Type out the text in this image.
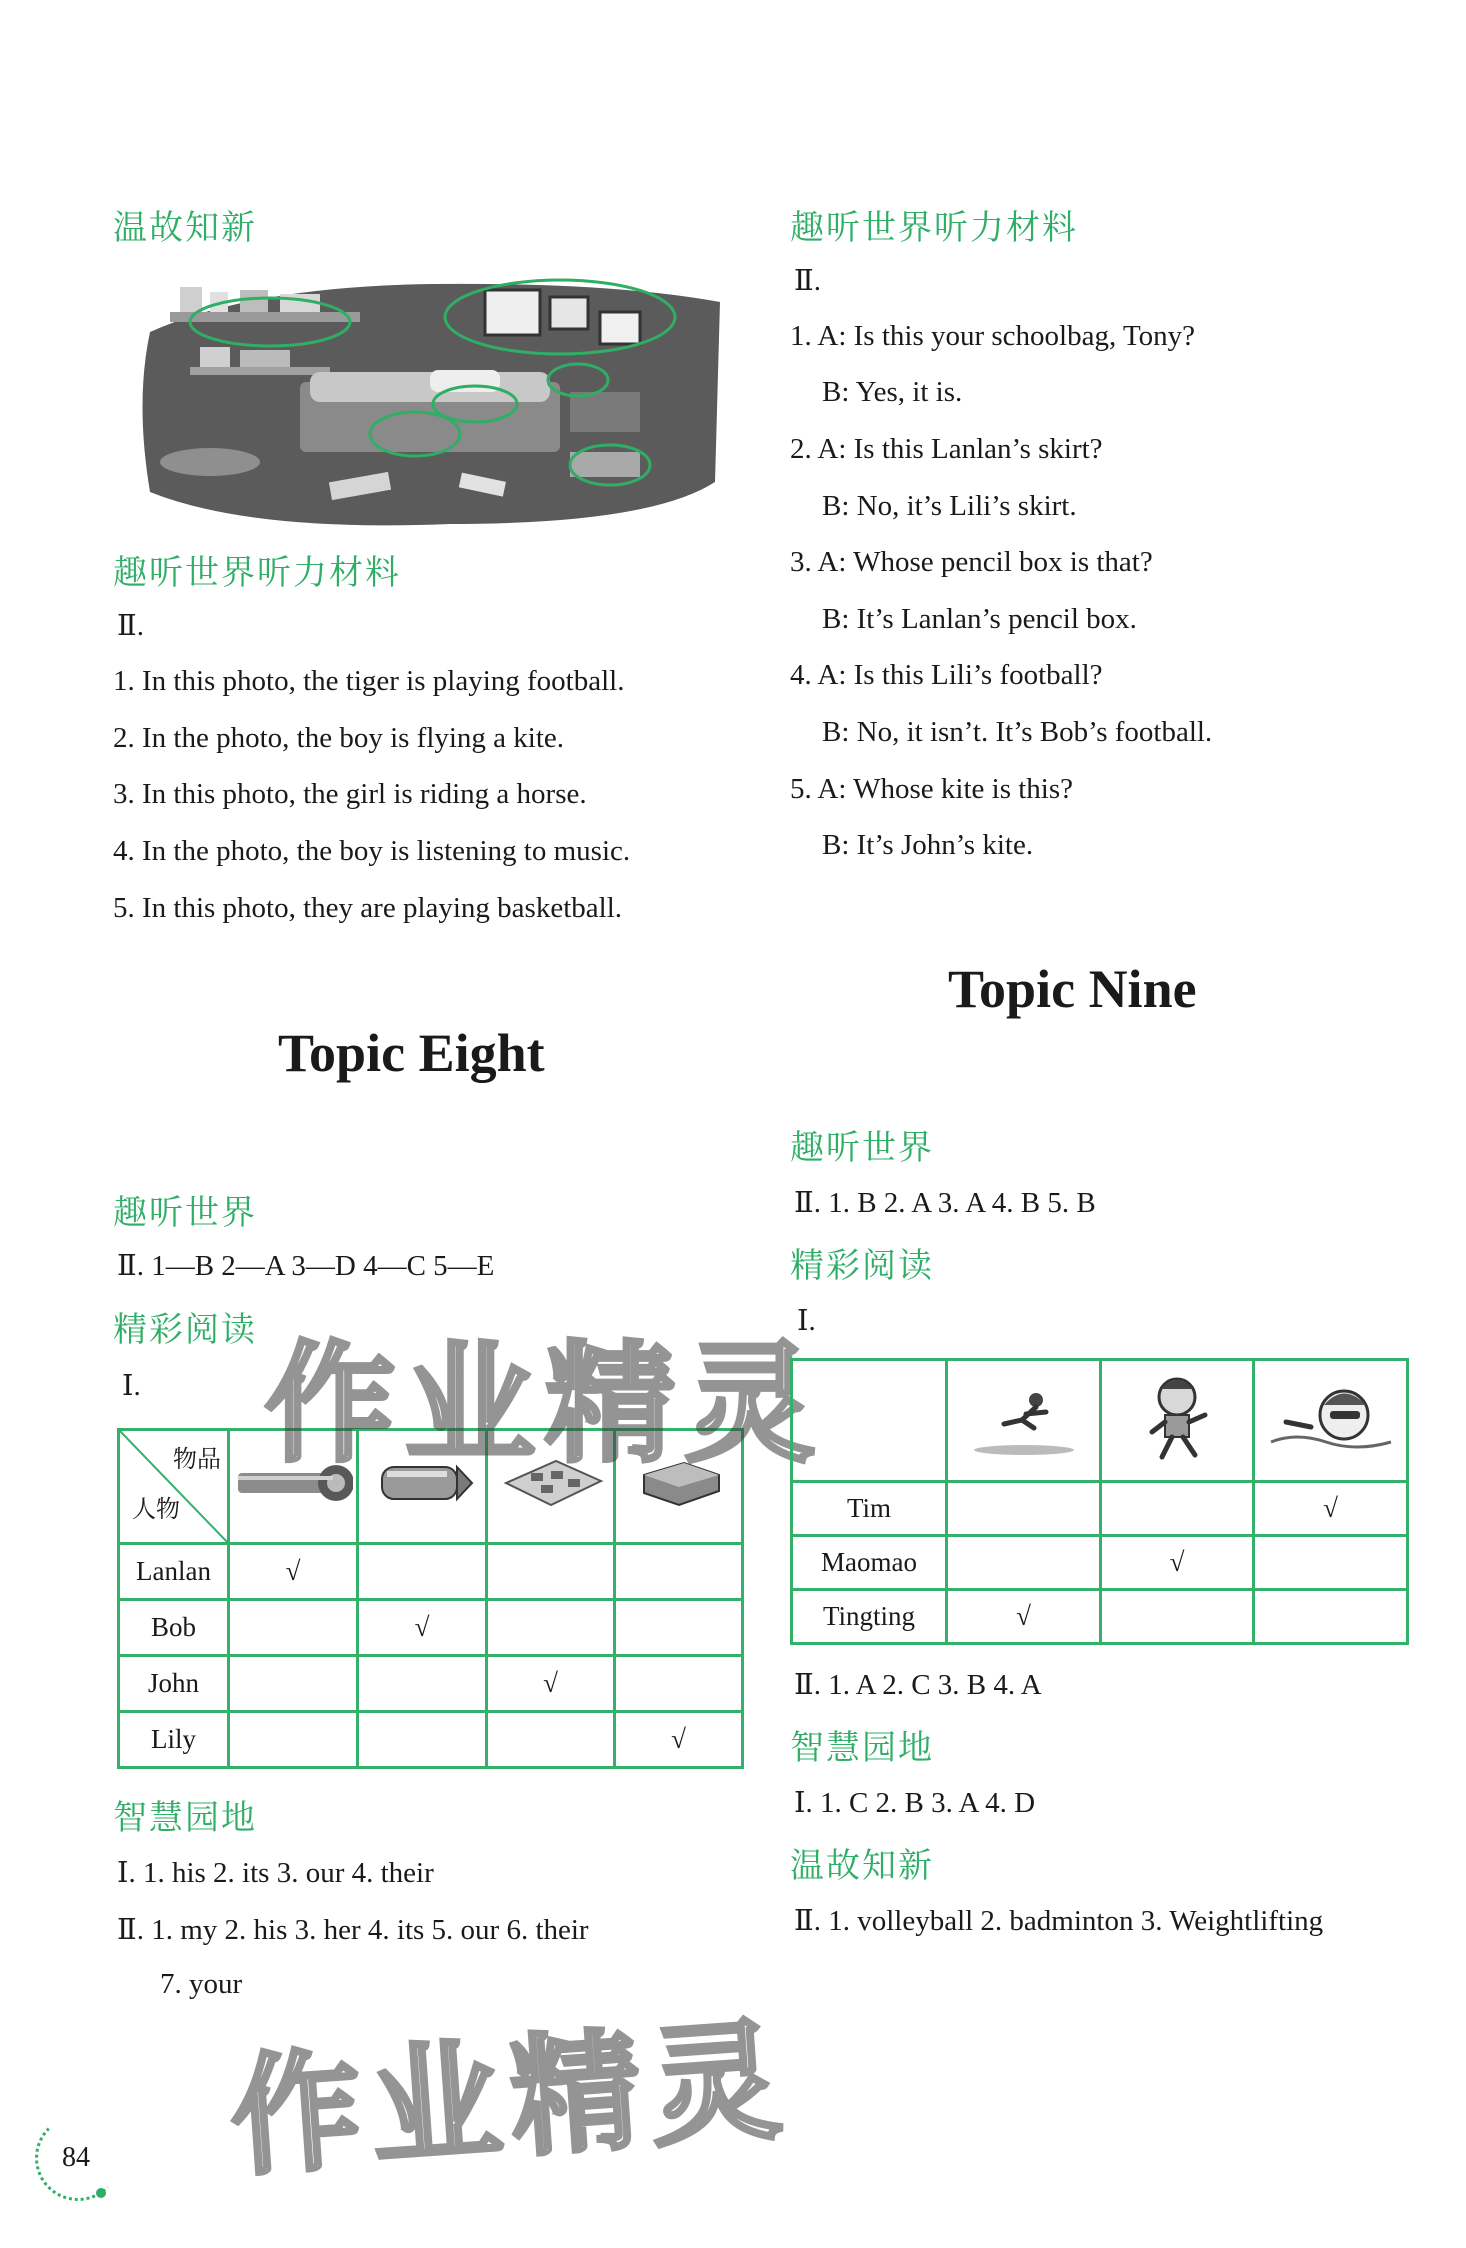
温故知新
趣听世界听力材料
Ⅱ.
1. In this photo, the tiger is playing football.
2. In the photo, the boy is flying a kite.
3. In this photo, the girl is riding a horse.
4. In the photo, the boy is listening to music.
5. In this photo, they are playing basketball.
Topic Eight
趣听世界
Ⅱ. 1—B 2—A 3—D 4—C 5—E
精彩阅读
Ⅰ.
物品
人物

Lanlan	√			
Bob		√		
John			√	
Lily				√
智慧园地
Ⅰ. 1. his 2. its 3. our 4. their
Ⅱ. 1. my 2. his 3. her 4. its 5. our 6. their
7. your
作业精灵
作业精灵
84
趣听世界听力材料
Ⅱ.
1. A: Is this your schoolbag, Tony?
B: Yes, it is.
2. A: Is this Lanlan’s skirt?
B: No, it’s Lili’s skirt.
3. A: Whose pencil box is that?
B: It’s Lanlan’s pencil box.
4. A: Is this Lili’s football?
B: No, it isn’t. It’s Bob’s football.
5. A: Whose kite is this?
B: It’s John’s kite.
Topic Nine
趣听世界
Ⅱ. 1. B 2. A 3. A 4. B 5. B
精彩阅读
Ⅰ.

Tim			√
Maomao		√	
Tingting	√		
Ⅱ. 1. A 2. C 3. B 4. A
智慧园地
Ⅰ. 1. C 2. B 3. A 4. D
温故知新
Ⅱ. 1. volleyball 2. badminton 3. Weightlifting
